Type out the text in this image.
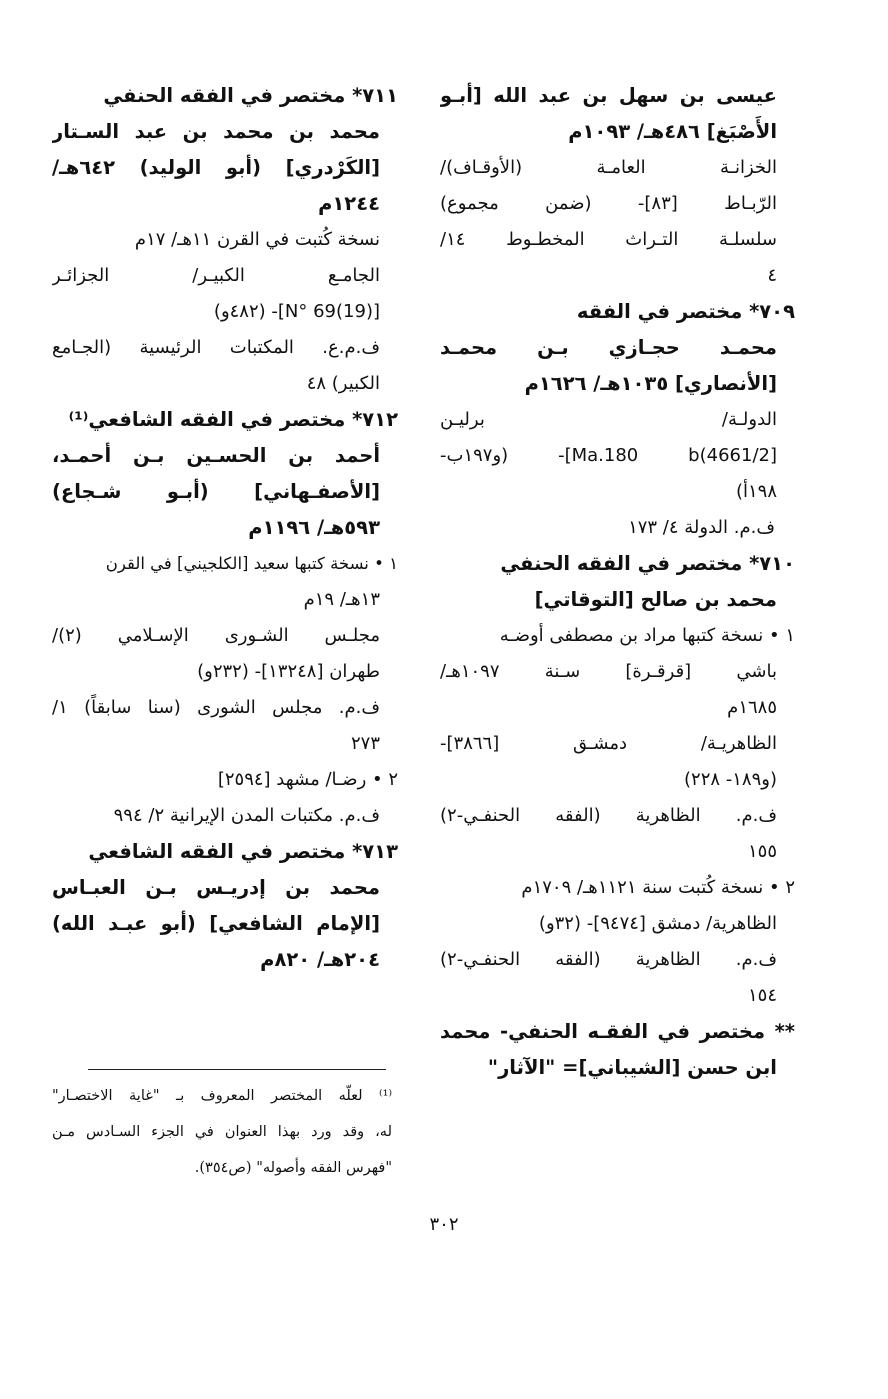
عيسى بن سهل بن عبد الله [أبـو
الأَصْبَغ] ٤٨٦هـ/ ١٠٩٣م
الخزانـة العامـة (الأوقـاف)/
الرّبـاط [٨٣]- (ضمن مجموع)
سلسلـة التـراث المخطـوط ١٤/
٤
٧٠٩* مختصر في الفقه
محمـد حجـازي بـن محمـد
[الأنصاري] ١٠٣٥هـ/ ١٦٢٦م
الدولـة/ برليـن
[4661/2)Ma.180 b]- (و١٩٧ب-
١٩٨أ)
ف.م. الدولة ٤/ ١٧٣
٧١٠* مختصر في الفقه الحنفي
محمد بن صالح [التوقاتي]
١ • نسخة كتبها مراد بن مصطفى أوضـه
باشي [قرقـرة] سـنة ١٠٩٧هـ/
١٦٨٥م
الظاهريـة/ دمشـق [٣٨٦٦]-
(و١٨٩- ٢٢٨)
ف.م. الظاهرية (الفقه الحنفـي-٢)
١٥٥
٢ • نسخة كُتبت سنة ١١٢١هـ/ ١٧٠٩م
الظاهرية/ دمشق [٩٤٧٤]- (٣٢و)
ف.م. الظاهرية (الفقه الحنفـي-٢)
١٥٤
** مختصر في الفقـه الحنفي- محمد
ابن حسن [الشيباني]= "الآثار"
٧١١* مختصر في الفقه الحنفي
محمد بن محمد بن عبد السـتار
[الكَرْدري] (أبو الوليد) ٦٤٢هـ/
١٢٤٤م
نسخة كُتبت في القرن ١١هـ/ ١٧م
الجامـع الكبيـر/ الجزائـر
[N° 69(19)]- (٤٨٢و)
ف.م.ع. المكتبات الرئيسية (الجـامع
الكبير) ٤٨
٧١٢* مختصر في الفقه الشافعي⁽¹⁾
أحمد بن الحسـين بـن أحمـد،
[الأصفـهاني] (أبـو شـجاع)
٥٩٣هـ/ ١١٩٦م
١ • نسخة كتبها سعيد [الكلجيني] في القرن
١٣هـ/ ١٩م
مجلـس الشـورى الإسـلامي (٢)/
طهران [١٣٢٤٨]- (٢٣٢و)
ف.م. مجلس الشورى (سنا سابقاً) ١/
٢٧٣
٢ • رضـا/ مشهد [٢٥٩٤]
ف.م. مكتبات المدن الإيرانية ٢/ ٩٩٤
٧١٣* مختصر في الفقه الشافعي
محمد بن إدريـس بـن العبـاس
[الإمام الشافعي] (أبو عبـد الله)
٢٠٤هـ/ ٨٢٠م
⁽¹⁾ لعلّه المختصر المعروف بـ "غاية الاختصـار"
له، وقد ورد بهذا العنوان في الجزء السـادس مـن
"فهرس الفقه وأصوله" (ص٣٥٤).
٣٠٢
